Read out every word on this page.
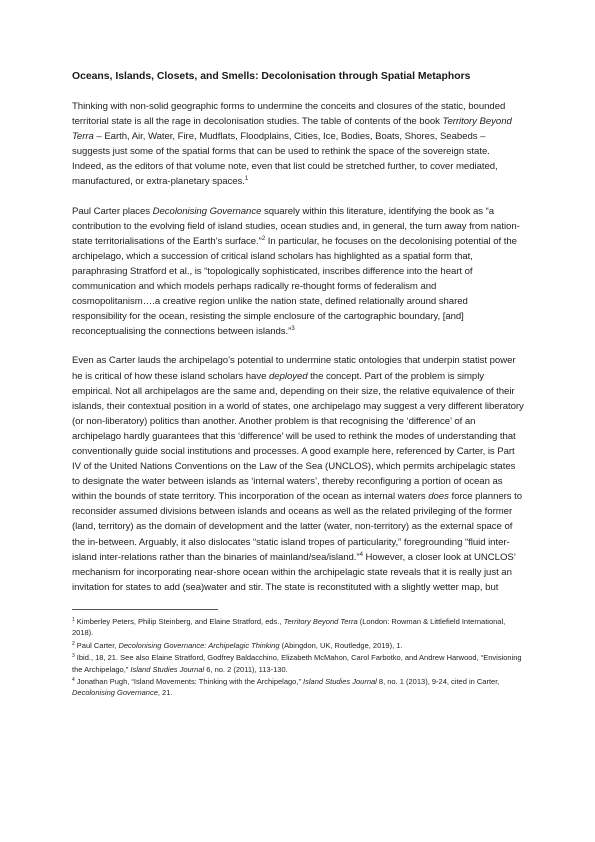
Oceans, Islands, Closets, and Smells: Decolonisation through Spatial Metaphors

Thinking with non-solid geographic forms to undermine the conceits and closures of the static, bounded territorial state is all the rage in decolonisation studies. The table of contents of the book Territory Beyond Terra – Earth, Air, Water, Fire, Mudflats, Floodplains, Cities, Ice, Bodies, Boats, Shores, Seabeds – suggests just some of the spatial forms that can be used to rethink the space of the sovereign state. Indeed, as the editors of that volume note, even that list could be stretched further, to cover mediated, manufactured, or extra-planetary spaces.$^1$

Paul Carter places Decolonising Governance squarely within this literature, identifying the book as “a contribution to the evolving field of island studies, ocean studies and, in general, the turn away from nation-state territorialisations of the Earth’s surface.”$^2$ In particular, he focuses on the decolonising potential of the archipelago, which a succession of critical island scholars has highlighted as a spatial form that, paraphrasing Stratford et al., is “topologically sophisticated, inscribes difference into the heart of communication and which models perhaps radically re-thought forms of federalism and cosmopolitanism….a creative region unlike the nation state, defined relationally around shared responsibility for the ocean, resisting the simple enclosure of the cartographic boundary, [and] reconceptualising the connections between islands.”$^3$

Even as Carter lauds the archipelago’s potential to undermine static ontologies that underpin statist power he is critical of how these island scholars have deployed the concept. Part of the problem is simply empirical. Not all archipelagos are the same and, depending on their size, the relative equivalence of their islands, their contextual position in a world of states, one archipelago may suggest a very different liberatory (or non-liberatory) politics than another. Another problem is that recognising the ‘difference’ of an archipelago hardly guarantees that this ‘difference’ will be used to rethink the modes of understanding that conventionally guide social institutions and processes. A good example here, referenced by Carter, is Part IV of the United Nations Conventions on the Law of the Sea (UNCLOS), which permits archipelagic states to designate the water between islands as ‘internal waters’, thereby reconfiguring a portion of ocean as within the bounds of state territory. This incorporation of the ocean as internal waters does force planners to reconsider assumed divisions between islands and oceans as well as the related privileging of the former (land, territory) as the domain of development and the latter (water, non-territory) as the external space of the in-between. Arguably, it also dislocates “static island tropes of particularity,” foregrounding “fluid inter-island inter-relations rather than the binaries of mainland/sea/island.”$^4$ However, a closer look at UNCLOS’ mechanism for incorporating near-shore ocean within the archipelagic state reveals that it is really just an invitation for states to add (sea)water and stir. The state is reconstituted with a slightly wetter map, but

$^1$ Kimberley Peters, Philip Steinberg, and Elaine Stratford, eds., Territory Beyond Terra (London: Rowman & Littlefield International, 2018).
$^2$ Paul Carter, Decolonising Governance: Archipelagic Thinking (Abingdon, UK, Routledge, 2019), 1.
$^3$ Ibid., 18, 21. See also Elaine Stratford, Godfrey Baldacchino, Elizabeth McMahon, Carol Farbotko, and Andrew Harwood, “Envisioning the Archipelago,” Island Studies Journal 6, no. 2 (2011), 113-130.
$^4$ Jonathan Pugh, “Island Movements: Thinking with the Archipelago,” Island Studies Journal 8, no. 1 (2013), 9-24, cited in Carter, Decolonising Governance, 21.
